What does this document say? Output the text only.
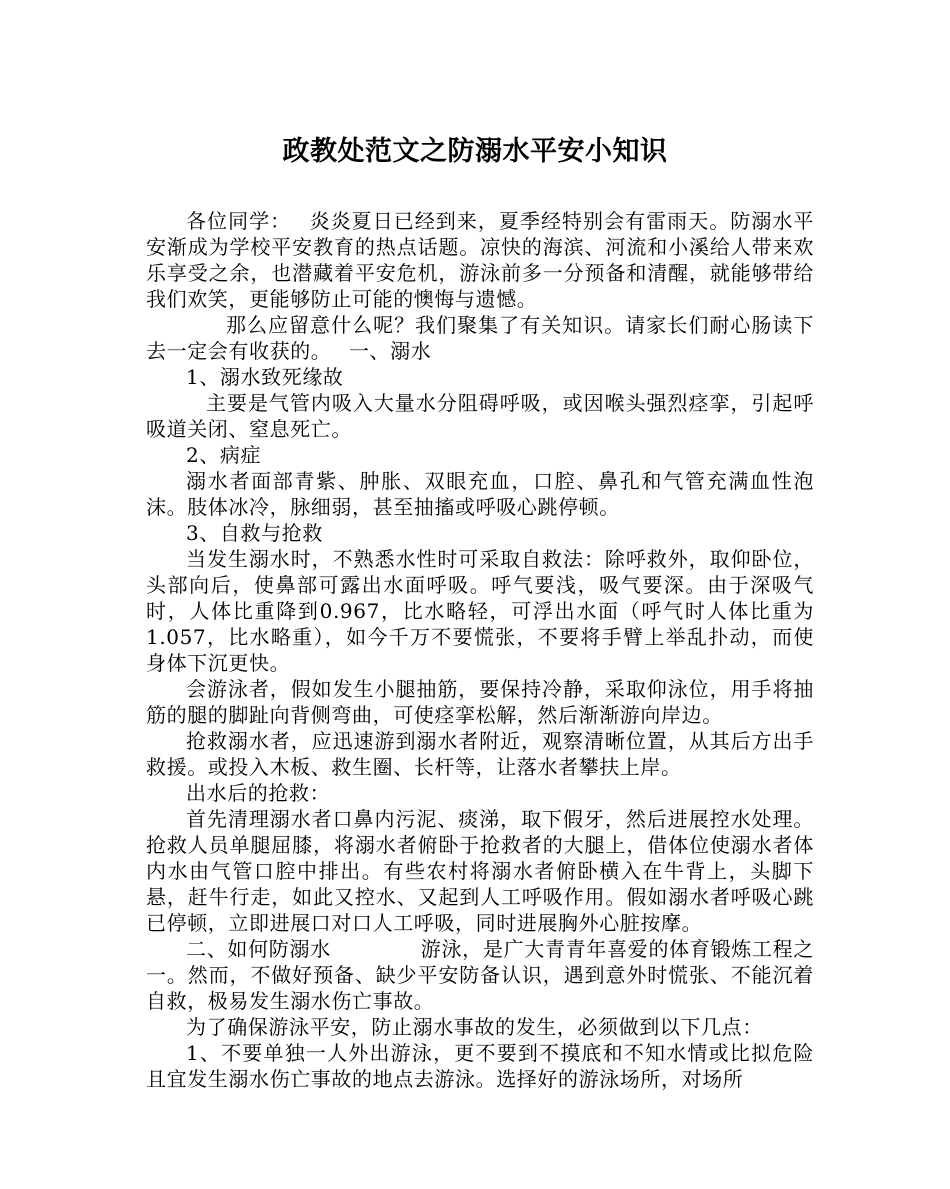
政教处范文之防溺水平安小知识

各位同学：　 炎炎夏日已经到来，夏季经特别会有雷雨天。防溺水平安渐成为学校平安教育的热点话题。凉快的海滨、河流和小溪给人带来欢乐享受之余，也潜藏着平安危机，游泳前多一分预备和清醒，就能够带给我们欢笑，更能够防止可能的懊悔与遗憾。

那么应留意什么呢？我们聚集了有关知识。请家长们耐心肠读下去一定会有收获的。　 一、溺水

1、溺水致死缘故

主要是气管内吸入大量水分阻碍呼吸，或因喉头强烈痉挛，引起呼吸道关闭、窒息死亡。

2、病症

溺水者面部青紫、肿胀、双眼充血，口腔、鼻孔和气管充满血性泡沫。肢体冰冷，脉细弱，甚至抽搐或呼吸心跳停顿。

3、自救与抢救

当发生溺水时，不熟悉水性时可采取自救法：除呼救外，取仰卧位，头部向后，使鼻部可露出水面呼吸。呼气要浅，吸气要深。由于深吸气时，人体比重降到0.967，比水略轻，可浮出水面（呼气时人体比重为1.057，比水略重），如今千万不要慌张，不要将手臂上举乱扑动，而使身体下沉更快。

会游泳者，假如发生小腿抽筋，要保持冷静，采取仰泳位，用手将抽筋的腿的脚趾向背侧弯曲，可使痉挛松解，然后渐渐游向岸边。

抢救溺水者，应迅速游到溺水者附近，观察清晰位置，从其后方出手救援。或投入木板、救生圈、长杆等，让落水者攀扶上岸。

出水后的抢救：

首先清理溺水者口鼻内污泥、痰涕，取下假牙，然后进展控水处理。抢救人员单腿屈膝，将溺水者俯卧于抢救者的大腿上，借体位使溺水者体内水由气管口腔中排出。有些农村将溺水者俯卧横入在牛背上，头脚下悬，赶牛行走，如此又控水、又起到人工呼吸作用。假如溺水者呼吸心跳已停顿，立即进展口对口人工呼吸，同时进展胸外心脏按摩。

二、如何防溺水　　　　 游泳，是广大青青年喜爱的体育锻炼工程之一。然而，不做好预备、缺少平安防备认识，遇到意外时慌张、不能沉着自救，极易发生溺水伤亡事故。

为了确保游泳平安，防止溺水事故的发生，必须做到以下几点：

1、不要单独一人外出游泳，更不要到不摸底和不知水情或比拟危险且宜发生溺水伤亡事故的地点去游泳。选择好的游泳场所，对场所
